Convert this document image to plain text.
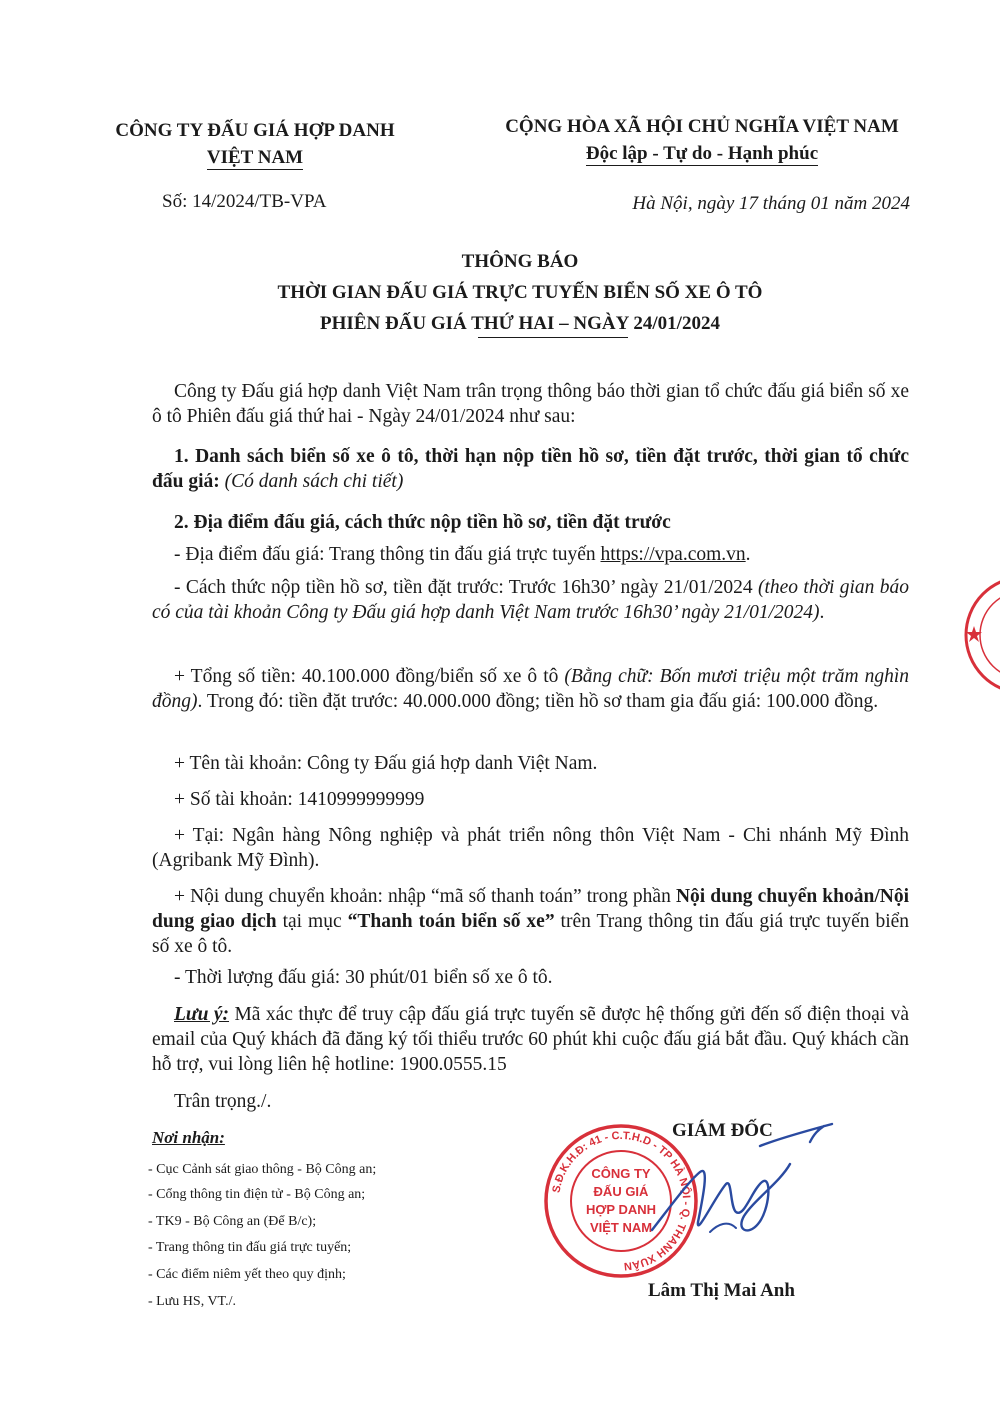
CÔNG TY ĐẤU GIÁ HỢP DANH
VIỆT NAM
CỘNG HÒA XÃ HỘI CHỦ NGHĨA VIỆT NAM
Độc lập - Tự do - Hạnh phúc
Số: 14/2024/TB-VPA	Hà Nội, ngày 17 tháng 01 năm 2024
THÔNG BÁO
THỜI GIAN ĐẤU GIÁ TRỰC TUYẾN BIỂN SỐ XE Ô TÔ
PHIÊN ĐẤU GIÁ THỨ HAI – NGÀY 24/01/2024
Công ty Đấu giá hợp danh Việt Nam trân trọng thông báo thời gian tổ chức đấu giá biển số xe ô tô Phiên đấu giá thứ hai - Ngày 24/01/2024 như sau:
1. Danh sách biển số xe ô tô, thời hạn nộp tiền hồ sơ, tiền đặt trước, thời gian tổ chức đấu giá: (Có danh sách chi tiết)
2. Địa điểm đấu giá, cách thức nộp tiền hồ sơ, tiền đặt trước
- Địa điểm đấu giá: Trang thông tin đấu giá trực tuyến https://vpa.com.vn.
- Cách thức nộp tiền hồ sơ, tiền đặt trước: Trước 16h30’ ngày 21/01/2024 (theo thời gian báo có của tài khoản Công ty Đấu giá hợp danh Việt Nam trước 16h30’ ngày 21/01/2024).
+ Tổng số tiền: 40.100.000 đồng/biển số xe ô tô (Bằng chữ: Bốn mươi triệu một trăm nghìn đồng). Trong đó: tiền đặt trước: 40.000.000 đồng; tiền hồ sơ tham gia đấu giá: 100.000 đồng.
+ Tên tài khoản: Công ty Đấu giá hợp danh Việt Nam.
+ Số tài khoản: 1410999999999
+ Tại: Ngân hàng Nông nghiệp và phát triển nông thôn Việt Nam - Chi nhánh Mỹ Đình (Agribank Mỹ Đình).
+ Nội dung chuyển khoản: nhập “mã số thanh toán” trong phần Nội dung chuyển khoản/Nội dung giao dịch tại mục “Thanh toán biển số xe” trên Trang thông tin đấu giá trực tuyến biển số xe ô tô.
- Thời lượng đấu giá: 30 phút/01 biển số xe ô tô.
Lưu ý: Mã xác thực để truy cập đấu giá trực tuyến sẽ được hệ thống gửi đến số điện thoại và email của Quý khách đã đăng ký tối thiểu trước 60 phút khi cuộc đấu giá bắt đầu. Quý khách cần hỗ trợ, vui lòng liên hệ hotline: 1900.0555.15
Trân trọng./.
Nơi nhận:
- Cục Cảnh sát giao thông - Bộ Công an;
- Cổng thông tin điện tử - Bộ Công an;
- TK9 - Bộ Công an (Để B/c);
- Trang thông tin đấu giá trực tuyến;
- Các điểm niêm yết theo quy định;
- Lưu HS, VT./.
GIÁM ĐỐC
Lâm Thị Mai Anh
S.Đ.K.H.Đ: 41 - C.T.H.D - TP HÀ NỘI - Q. THANH XUÂN
CÔNG TY
ĐẤU GIÁ
HỢP DANH
VIỆT NAM
